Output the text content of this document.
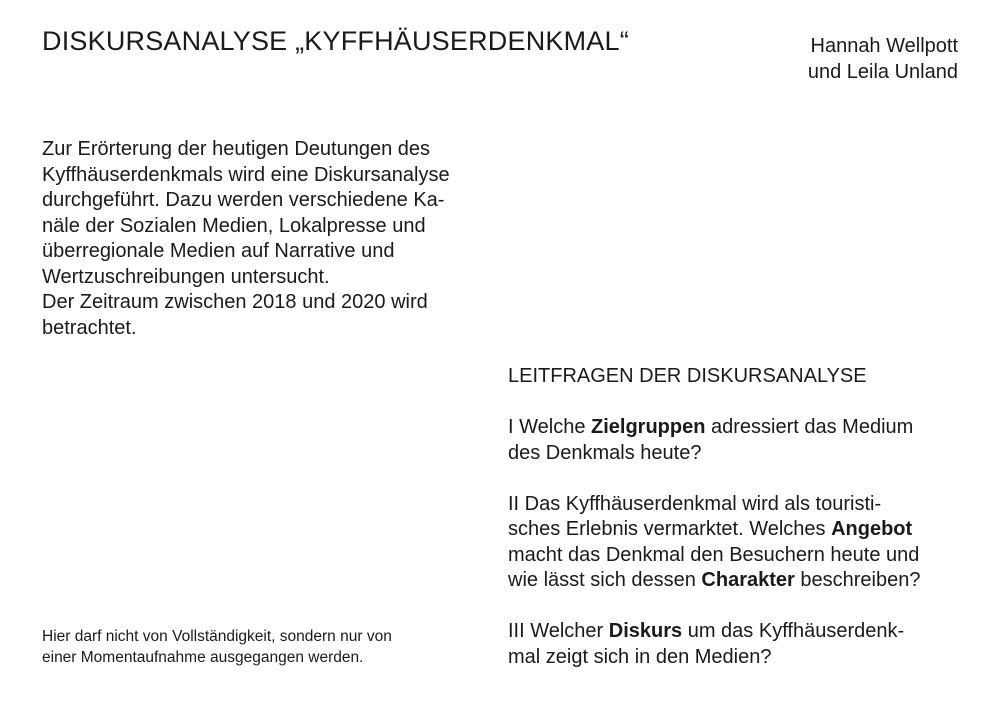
DISKURSANALYSE „KYFFHÄUSERDENKMAL“	Hannah Wellpott
und Leila Unland
Zur Erörterung der heutigen Deutungen des
Kyffhäuserdenkmals wird eine Diskursanalyse
durchgeführt. Dazu werden verschiedene Ka-
näle der Sozialen Medien, Lokalpresse und
überregionale Medien auf Narrative und
Wertzuschreibungen untersucht.
Der Zeitraum zwischen 2018 und 2020 wird
betrachtet.
Hier darf nicht von Vollständigkeit, sondern nur von
einer Momentaufnahme ausgegangen werden.
LEITFRAGEN DER DISKURSANALYSE
I Welche Zielgruppen adressiert das Medium
des Denkmals heute?
II Das Kyffhäuserdenkmal wird als touristi-
sches Erlebnis vermarktet. Welches Angebot
macht das Denkmal den Besuchern heute und
wie lässt sich dessen Charakter beschreiben?
III Welcher Diskurs um das Kyffhäuserdenk-
mal zeigt sich in den Medien?
